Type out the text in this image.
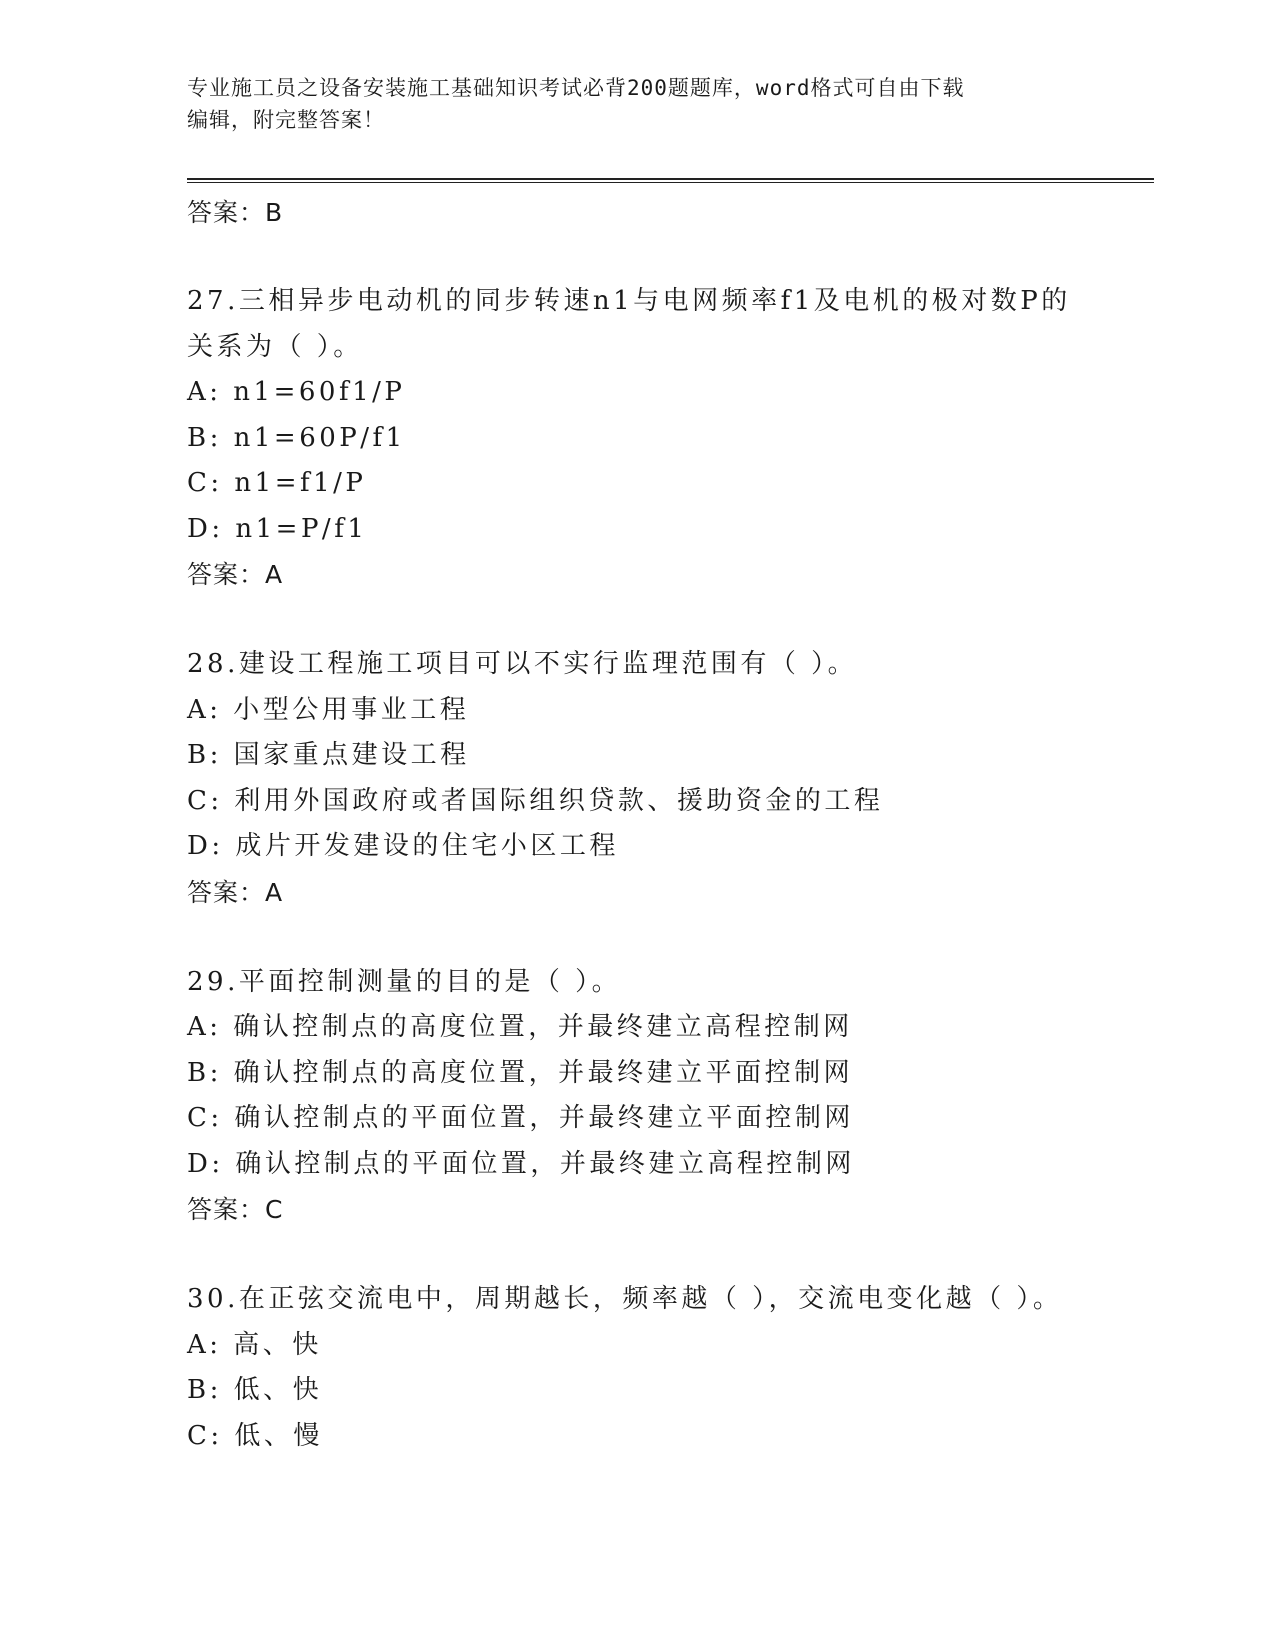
专业施工员之设备安装施工基础知识考试必背200题题库，word格式可自由下载
编辑，附完整答案！
答案：B
27.三相异步电动机的同步转速n1与电网频率f1及电机的极对数P的
关系为（ ）。
A: n1=60f1/P
B: n1=60P/f1
C: n1=f1/P
D: n1=P/f1
答案：A
28.建设工程施工项目可以不实行监理范围有（ ）。
A: 小型公用事业工程
B: 国家重点建设工程
C: 利用外国政府或者国际组织贷款、援助资金的工程
D: 成片开发建设的住宅小区工程
答案：A
29.平面控制测量的目的是（ ）。
A: 确认控制点的高度位置，并最终建立高程控制网
B: 确认控制点的高度位置，并最终建立平面控制网
C: 确认控制点的平面位置，并最终建立平面控制网
D: 确认控制点的平面位置，并最终建立高程控制网
答案：C
30.在正弦交流电中，周期越长，频率越（ ），交流电变化越（ ）。
A: 高、快
B: 低、快
C: 低、慢
